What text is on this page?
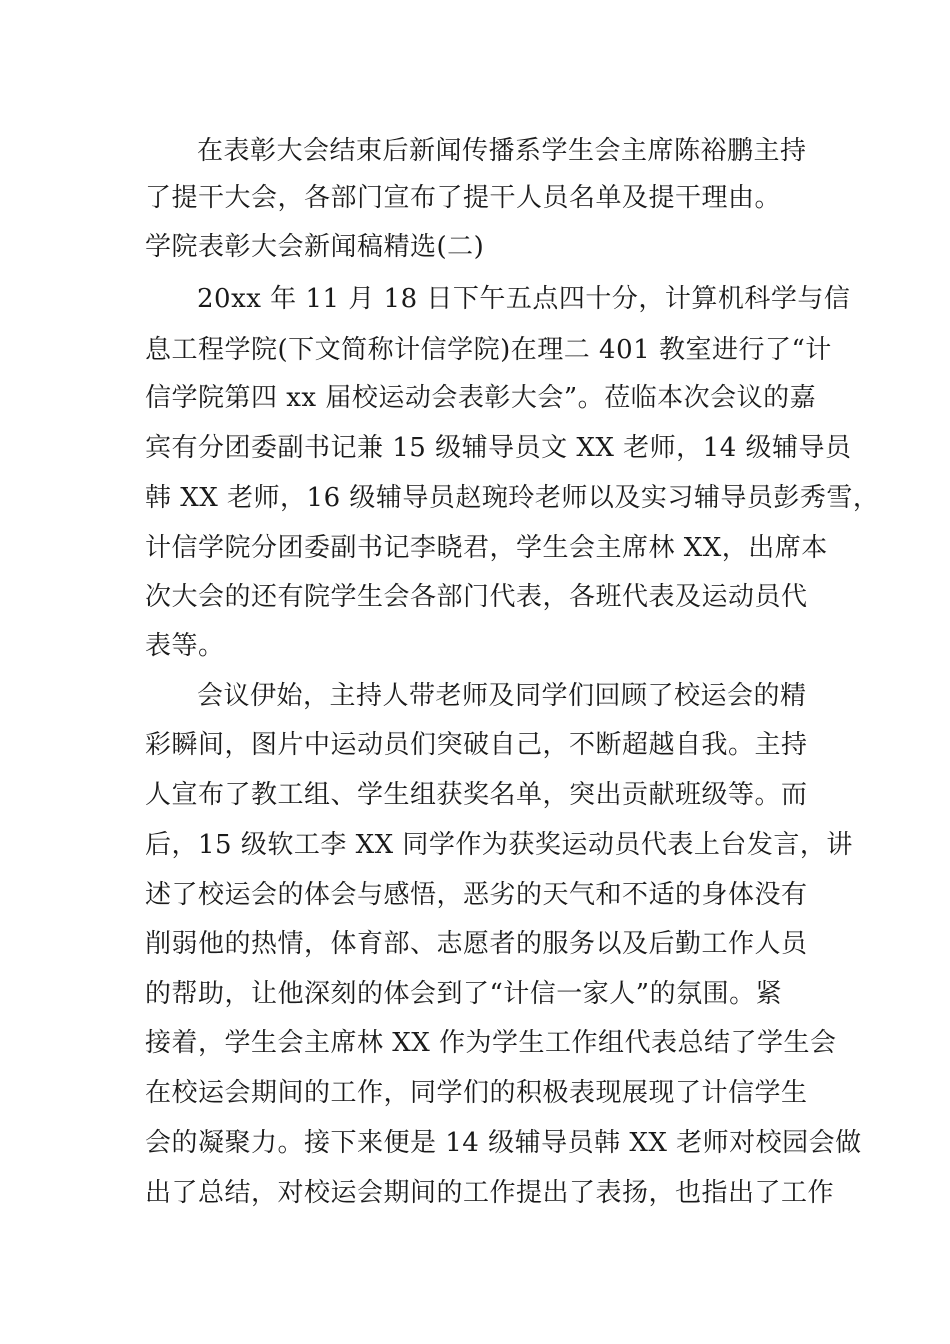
在表彰大会结束后新闻传播系学生会主席陈裕鹏主持

了提干大会，各部门宣布了提干人员名单及提干理由。

学院表彰大会新闻稿精选(二)

20xx 年 11 月 18 日下午五点四十分，计算机科学与信

息工程学院(下文简称计信学院)在理二 401 教室进行了“计

信学院第四 xx 届校运动会表彰大会”。莅临本次会议的嘉

宾有分团委副书记兼 15 级辅导员文 XX 老师，14 级辅导员

韩 XX 老师，16 级辅导员赵琬玲老师以及实习辅导员彭秀雪，

计信学院分团委副书记李晓君，学生会主席林 XX，出席本

次大会的还有院学生会各部门代表，各班代表及运动员代

表等。

会议伊始，主持人带老师及同学们回顾了校运会的精

彩瞬间，图片中运动员们突破自己，不断超越自我。主持

人宣布了教工组、学生组获奖名单，突出贡献班级等。而

后，15 级软工李 XX 同学作为获奖运动员代表上台发言，讲

述了校运会的体会与感悟，恶劣的天气和不适的身体没有

削弱他的热情，体育部、志愿者的服务以及后勤工作人员

的帮助，让他深刻的体会到了“计信一家人”的氛围。紧

接着，学生会主席林 XX 作为学生工作组代表总结了学生会

在校运会期间的工作，同学们的积极表现展现了计信学生

会的凝聚力。接下来便是 14 级辅导员韩 XX 老师对校园会做

出了总结，对校运会期间的工作提出了表扬，也指出了工作
